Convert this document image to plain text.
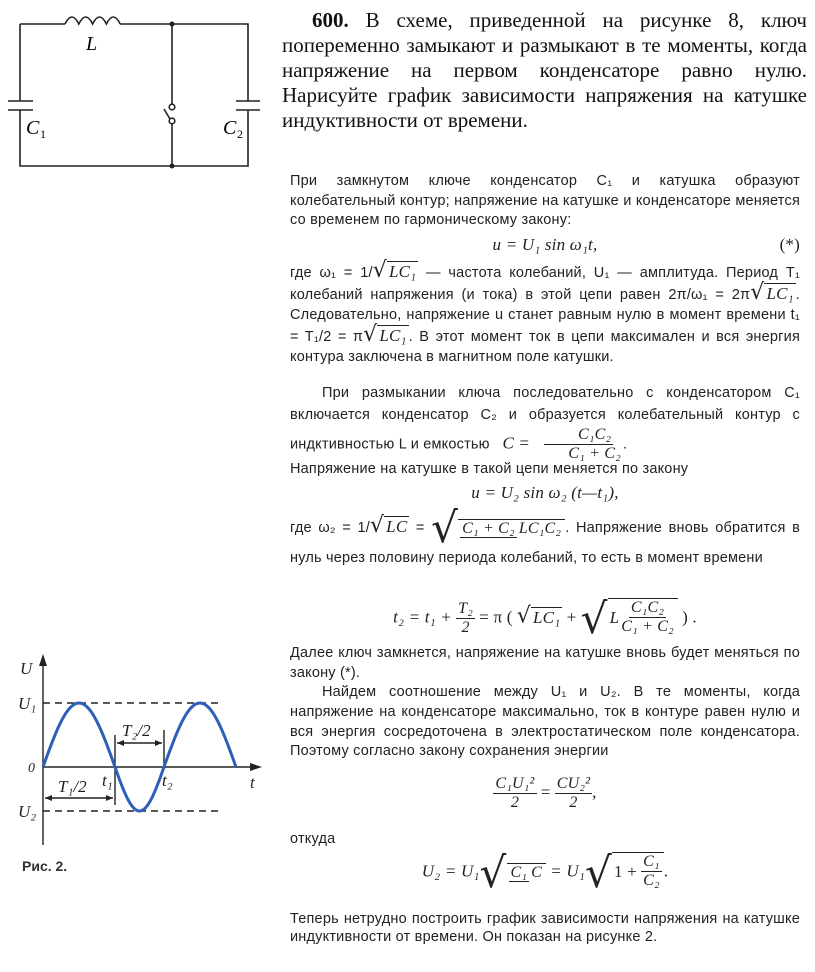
L
C 1	C 2
600. В схеме, приведенной на рисунке 8, ключ попеременно замыкают и размыкают в те моменты, когда напряжение на первом конденсаторе равно нулю. Нарисуйте график зависимости напряжения на катушке индуктивности от времени.
При замкнутом ключе конденсатор C₁ и катушка образуют колебательный контур; напряжение на катушке и конденсаторе меняется со временем по гармоническому закону:
u = U₁ sin ω₁t,	(*)
где ω₁ = 1/√ LC₁ — частота колебаний, U₁ — амплитуда. Период T₁ колебаний напряжения (и тока) в этой цепи равен 2π/ω₁ = 2π√ LC₁ . Следовательно, напряжение u станет равным нулю в момент времени t₁ = T₁/2 = π√ LC₁ . В этот момент ток в цепи максимален и вся энергия контура заключена в магнитном поле катушки.
При размыкании ключа последовательно с конденсатором C₁ включается конденсатор C₂ и образуется колебательный контур с индктивностью L и емкостью $C = \frac{\text{C₁C₂}}{\text{C₁ + C₂}}$ .
Напряжение на катушке в такой цепи меняется по закону
u = U₂ sin ω₂ (t—t₁),
где ω₂ = 1/√ LC = √ C₁ + C₂ LC₁C₂ . Напряжение вновь обратится в нуль через половину периода колебаний, то есть в момент времени
$t_2 = t_1 + \frac{\text{T₂}}{2} = \pi$ ( √ LC₁ + √ L $\frac{\text{C₁C₂}}{\text{C₁ + C₂}}$ ) .
Далее ключ замкнется, напряжение на катушке вновь будет меняться по закону (*).
Найдем соотношение между U₁ и U₂. В те моменты, когда напряжение на конденсаторе максимально, ток в контуре равен нулю и вся энергия сосредоточена в электростатическом поле конденсатора. Поэтому согласно закону сохранения энергии
$\frac{\text{C₁U₁²}}{2} = \frac{\text{CU₂²}}{2}$ ,
откуда
U₂ = U₁√ C₁ C = U₁√ 1 +
$\frac{\text{C₁}}{\text{C₂}}$ .
Теперь нетрудно построить график зависимости напряжения на катушке индуктивности от времени. Он показан на рисунке 2.
U
t
0
U₁
U₂
t₁	t₂
T₁/2
T₂/2
Рис. 2.
